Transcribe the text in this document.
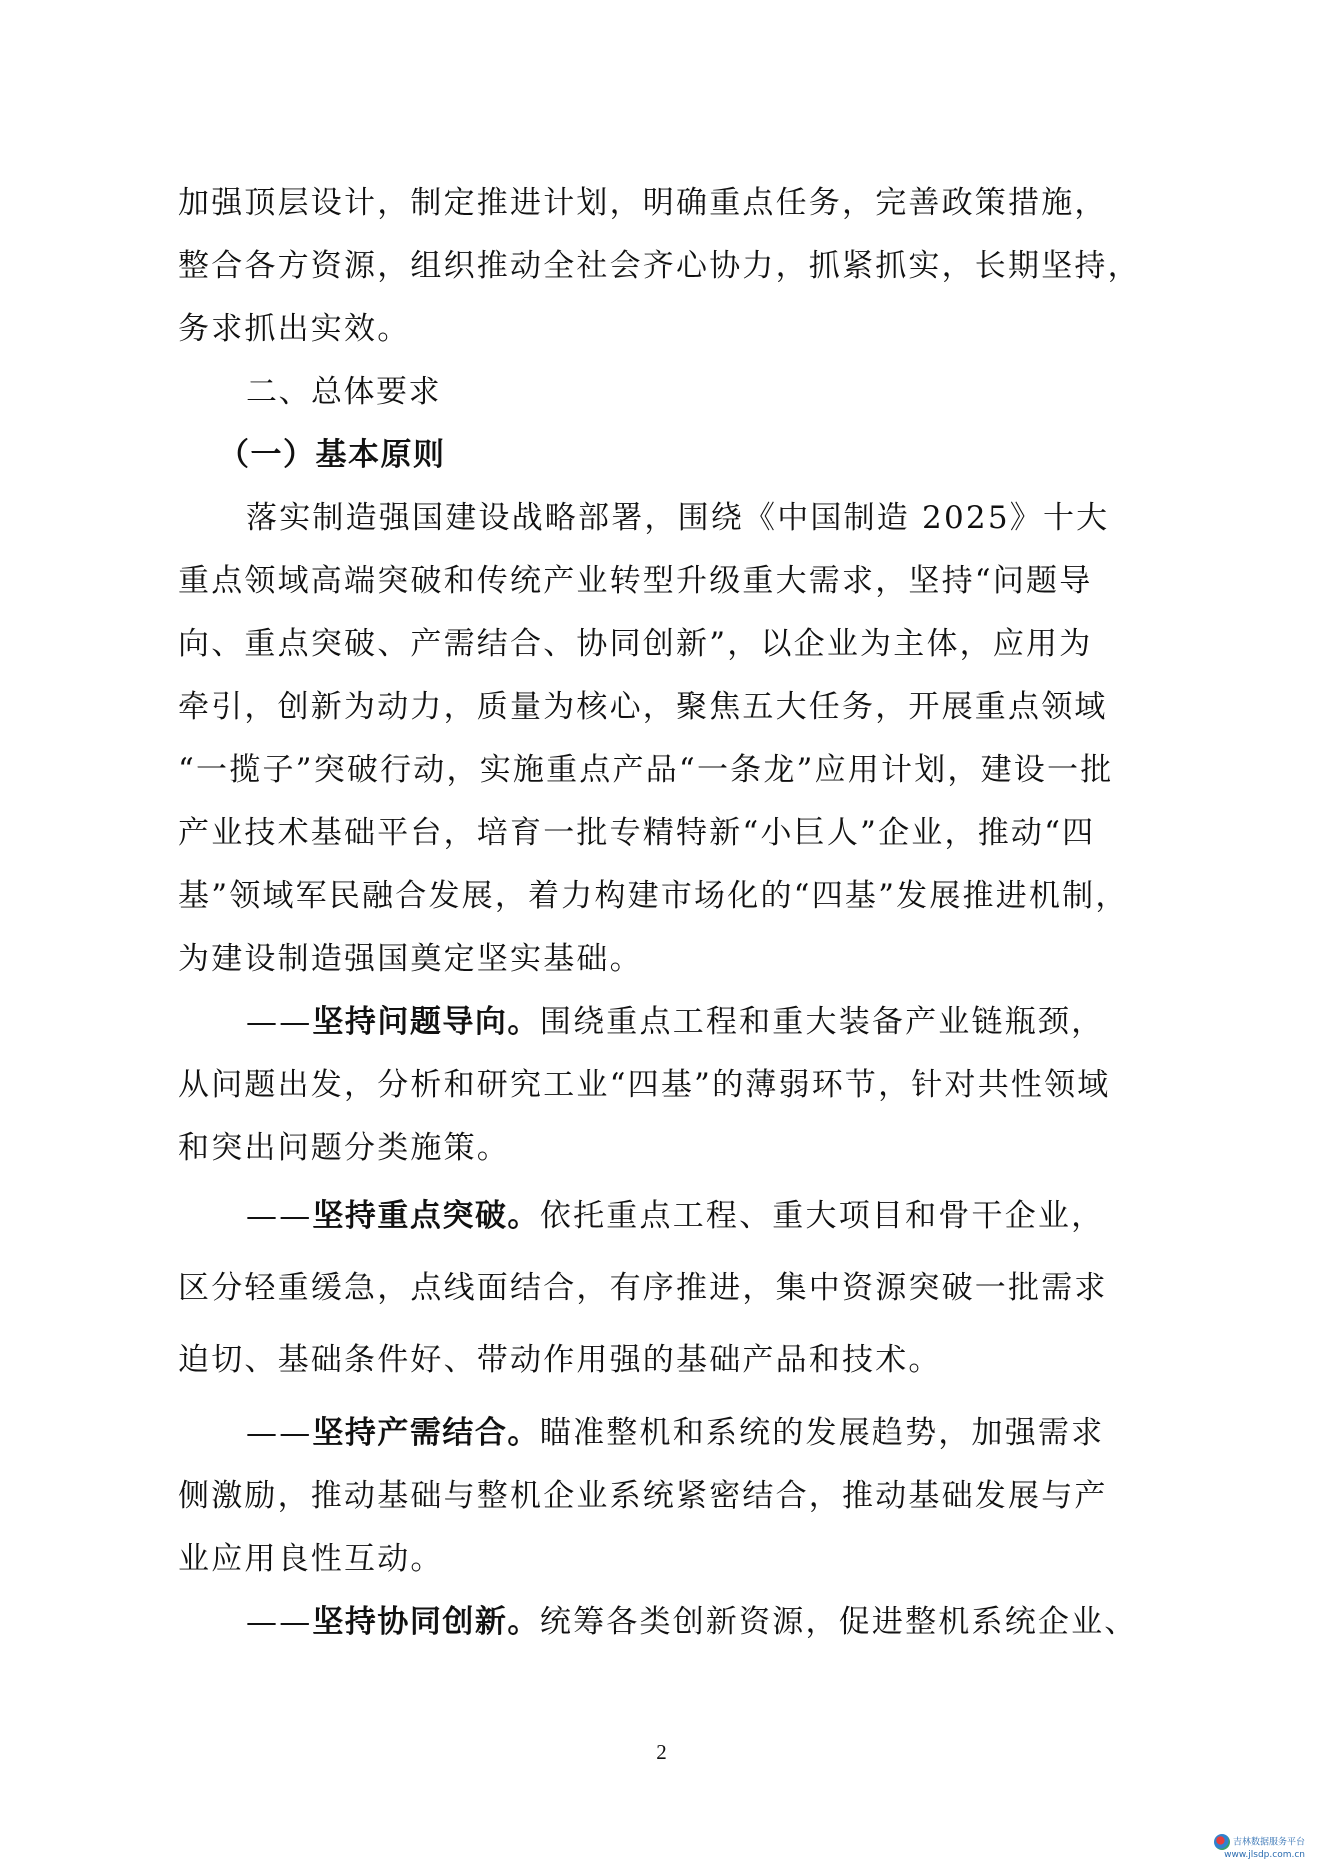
加强顶层设计，制定推进计划，明确重点任务，完善政策措施，
整合各方资源，组织推动全社会齐心协力，抓紧抓实，长期坚持，
务求抓出实效。
二、总体要求
（一）基本原则
落实制造强国建设战略部署，围绕《中国制造 2025》十大
重点领域高端突破和传统产业转型升级重大需求，坚持“问题导
向、重点突破、产需结合、协同创新”，以企业为主体，应用为
牵引，创新为动力，质量为核心，聚焦五大任务，开展重点领域
“一揽子”突破行动，实施重点产品“一条龙”应用计划，建设一批
产业技术基础平台，培育一批专精特新“小巨人”企业，推动“四
基”领域军民融合发展，着力构建市场化的“四基”发展推进机制，
为建设制造强国奠定坚实基础。
——坚持问题导向。围绕重点工程和重大装备产业链瓶颈，
从问题出发，分析和研究工业“四基”的薄弱环节，针对共性领域
和突出问题分类施策。
——坚持重点突破。依托重点工程、重大项目和骨干企业，
区分轻重缓急，点线面结合，有序推进，集中资源突破一批需求
迫切、基础条件好、带动作用强的基础产品和技术。
——坚持产需结合。瞄准整机和系统的发展趋势，加强需求
侧激励，推动基础与整机企业系统紧密结合，推动基础发展与产
业应用良性互动。
——坚持协同创新。统筹各类创新资源，促进整机系统企业、
2
吉林数据服务平台
www.jlsdp.com.cn
